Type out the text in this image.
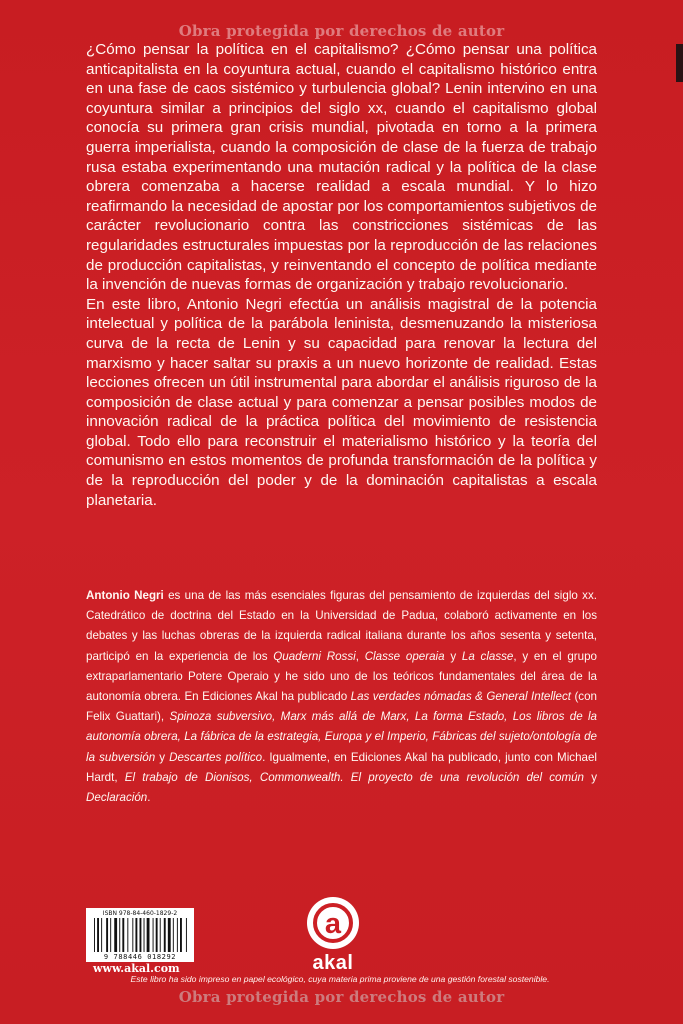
Obra protegida por derechos de autor

¿Cómo pensar la política en el capitalismo? ¿Cómo pensar una política anticapitalista en la coyuntura actual, cuando el capitalismo histórico entra en una fase de caos sistémico y turbulencia global? Lenin intervino en una coyuntura similar a principios del siglo xx, cuando el capitalismo global conocía su primera gran crisis mundial, pivotada en torno a la primera guerra imperialista, cuando la composición de clase de la fuerza de trabajo rusa estaba experimentando una mutación radical y la política de la clase obrera comenzaba a hacerse realidad a escala mundial. Y lo hizo reafirmando la necesidad de apostar por los comportamientos subjetivos de carácter revolucionario contra las constricciones sistémicas de las regularidades estructurales impuestas por la reproducción de las relaciones de producción capitalistas, y reinventando el concepto de política mediante la invención de nuevas formas de organización y trabajo revolucionario.

En este libro, Antonio Negri efectúa un análisis magistral de la potencia intelectual y política de la parábola leninista, desmenuzando la misteriosa curva de la recta de Lenin y su capacidad para renovar la lectura del marxismo y hacer saltar su praxis a un nuevo horizonte de realidad. Estas lecciones ofrecen un útil instrumental para abordar el análisis riguroso de la composición de clase actual y para comenzar a pensar posibles modos de innovación radical de la práctica política del movimiento de resistencia global. Todo ello para reconstruir el materialismo histórico y la teoría del comunismo en estos momentos de profunda transformación de la política y de la reproducción del poder y de la dominación capitalistas a escala planetaria.

Antonio Negri es una de las más esenciales figuras del pensamiento de izquierdas del siglo xx. Catedrático de doctrina del Estado en la Universidad de Padua, colaboró activamente en los debates y las luchas obreras de la izquierda radical italiana durante los años sesenta y setenta, participó en la experiencia de los Quaderni Rossi, Classe operaia y La classe, y en el grupo extraparlamentario Potere Operaio y he sido uno de los teóricos fundamentales del área de la autonomía obrera. En Ediciones Akal ha publicado Las verdades nómadas & General Intellect (con Felix Guattari), Spinoza subversivo, Marx más allá de Marx, La forma Estado, Los libros de la autonomía obrera, La fábrica de la estrategia, Europa y el Imperio, Fábricas del sujeto/ontología de la subversión y Descartes político. Igualmente, en Ediciones Akal ha publicado, junto con Michael Hardt, El trabajo de Dionisos, Commonwealth. El proyecto de una revolución del común y Declaración.

ISBN 978-84-460-1829-2
9 788446 018292
www.akal.com
a
akal
Este libro ha sido impreso en papel ecológico, cuya materia prima proviene de una gestión forestal sostenible.
Obra protegida por derechos de autor
